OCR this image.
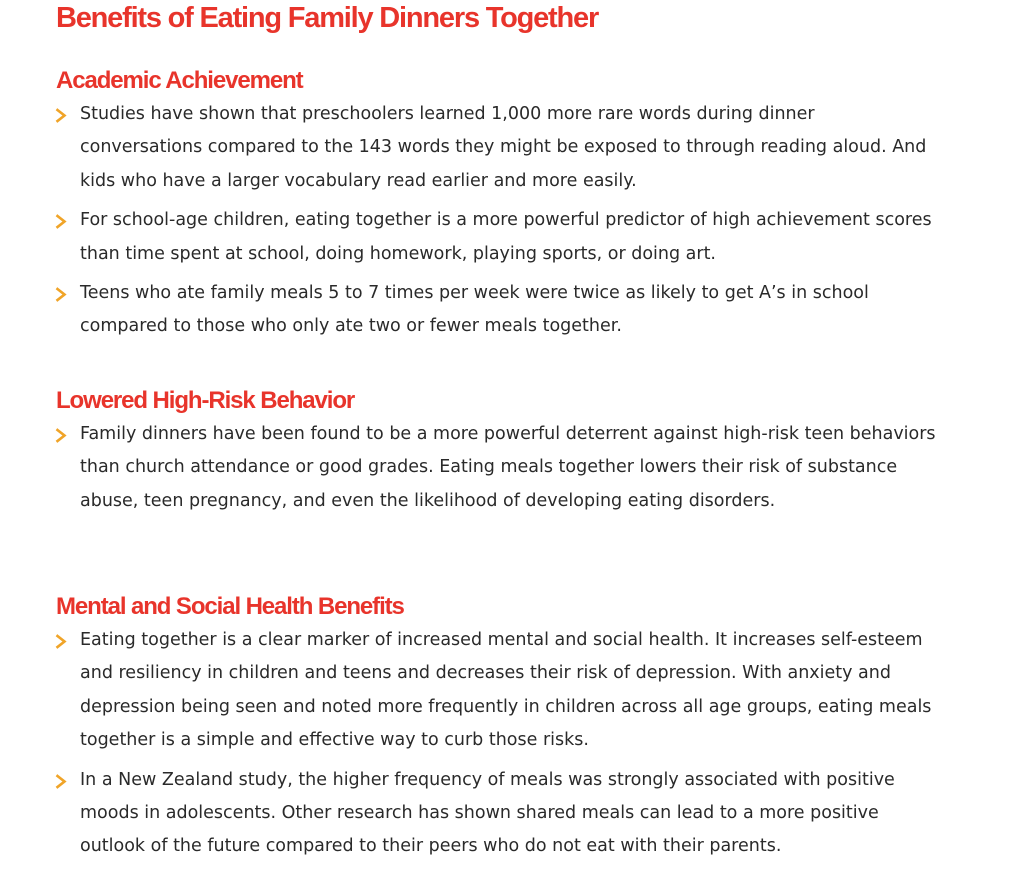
Benefits of Eating Family Dinners Together
Academic Achievement
Studies have shown that preschoolers learned 1,000 more rare words during dinner conversations compared to the 143 words they might be exposed to through reading aloud. And kids who have a larger vocabulary read earlier and more easily.
For school-age children, eating together is a more powerful predictor of high achievement scores than time spent at school, doing homework, playing sports, or doing art.
Teens who ate family meals 5 to 7 times per week were twice as likely to get A’s in school compared to those who only ate two or fewer meals together.
Lowered High-Risk Behavior
Family dinners have been found to be a more powerful deterrent against high-risk teen behaviors than church attendance or good grades. Eating meals together lowers their risk of substance abuse, teen pregnancy, and even the likelihood of developing eating disorders.
Mental and Social Health Benefits
Eating together is a clear marker of increased mental and social health. It increases self-esteem and resiliency in children and teens and decreases their risk of depression. With anxiety and depression being seen and noted more frequently in children across all age groups, eating meals together is a simple and effective way to curb those risks.
In a New Zealand study, the higher frequency of meals was strongly associated with positive moods in adolescents. Other research has shown shared meals can lead to a more positive outlook of the future compared to their peers who do not eat with their parents.
